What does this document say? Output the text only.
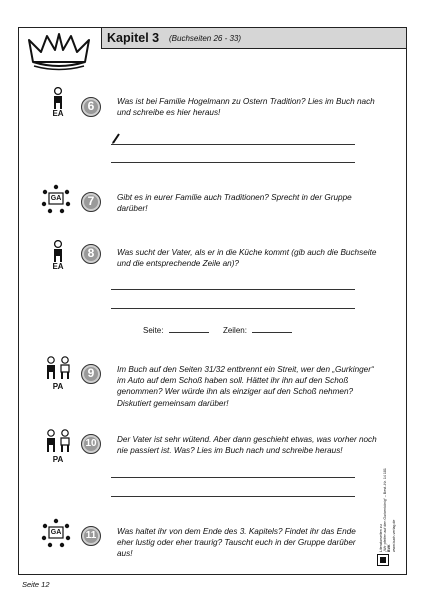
Kapitel 3 (Buchseiten 26 - 33)
EA
6	Was ist bei Familie Hogelmann zu Ostern Tradition? Lies im Buch nach und schreibe es hier heraus!
GA	7	Gibt es in eurer Familie auch Traditionen? Sprecht in der Gruppe darüber!
EA
8	Was sucht der Vater, als er in die Küche kommt (gib auch die Buchseite und die entsprechende Zeile an)?
Seite:	Zeilen:
PA
9	Im Buch auf den Seiten 31/32 entbrennt ein Streit, wer den „Gurkinger“ im Auto auf dem Schoß haben soll. Hättet ihr ihn auf den Schoß genommen? Wer würde ihn als einziger auf den Schoß nehmen? Diskutiert gemeinsam darüber!
PA
10	Der Vater ist sehr wütend. Aber dann geschieht etwas, was vorher noch nie passiert ist. Was? Lies im Buch nach und schreibe heraus!
GA	11	Was haltet ihr von dem Ende des 3. Kapitels? Findet ihr das Ende eher lustig oder eher traurig? Tauscht euch in der Gruppe darüber aus!
Literaturseiten zu „Wir pfeifen auf den Gurkenkönig“ – Best.-Nr. 14 181 BVK www.buch-verlag.de
Seite 12
